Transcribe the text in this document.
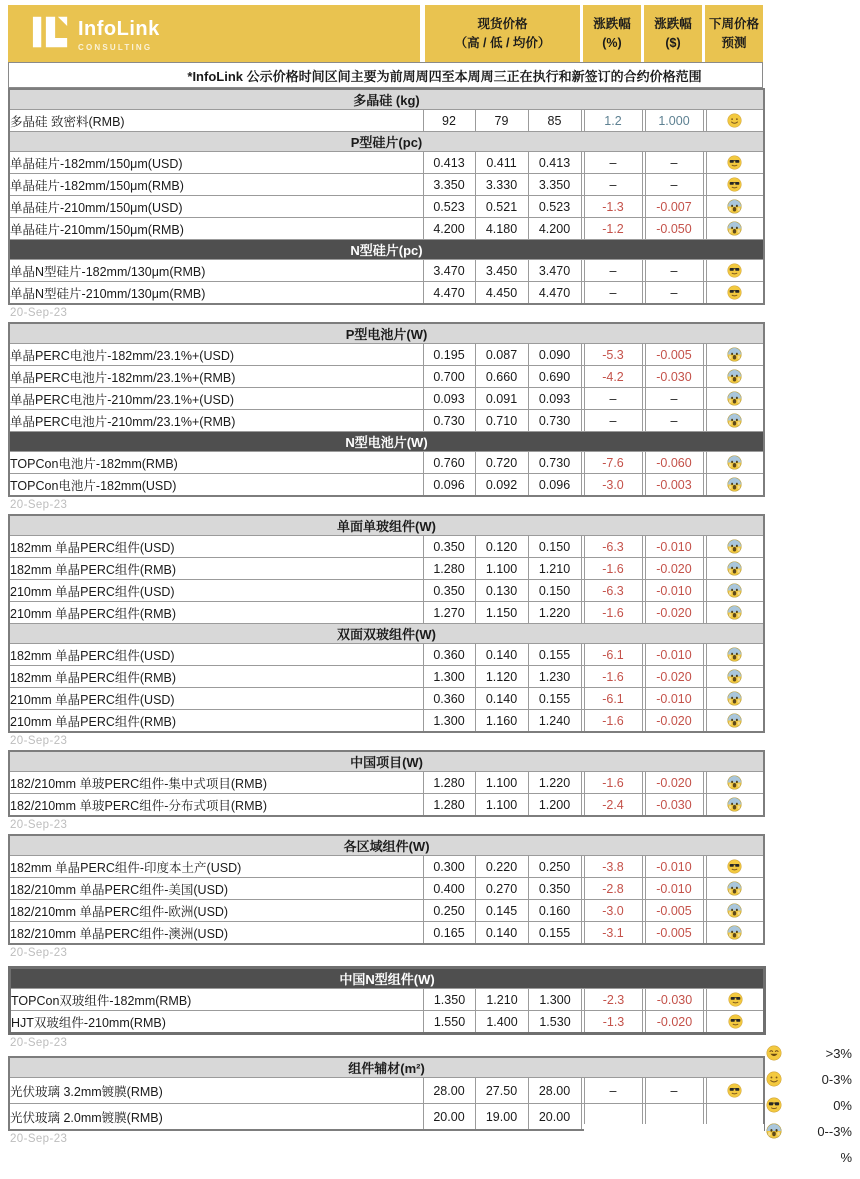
InfoLink
CONSULTING
现货价格
（高 / 低 / 均价）
涨跌幅
(%)
涨跌幅
($)
下周价格
预测
*InfoLink 公示价格时间区间主要为前周周四至本周周三正在执行和新签订的合约价格范围
多晶硅 (kg)									
多晶硅 致密料(RMB)	92	79	85		1.2		1.000		
P型硅片(pc)									
单晶硅片-182mm/150μm(USD)	0.413	0.411	0.413		–		–		
单晶硅片-182mm/150μm(RMB)	3.350	3.330	3.350		–		–		
单晶硅片-210mm/150μm(USD)	0.523	0.521	0.523		-1.3		-0.007		
单晶硅片-210mm/150μm(RMB)	4.200	4.180	4.200		-1.2		-0.050		
N型硅片(pc)									
单晶N型硅片-182mm/130μm(RMB)	3.470	3.450	3.470		–		–		
单晶N型硅片-210mm/130μm(RMB)	4.470	4.450	4.470		–		–		
20-Sep-23
P型电池片(W)									
单晶PERC电池片-182mm/23.1%+(USD)	0.195	0.087	0.090		-5.3		-0.005		
单晶PERC电池片-182mm/23.1%+(RMB)	0.700	0.660	0.690		-4.2		-0.030		
单晶PERC电池片-210mm/23.1%+(USD)	0.093	0.091	0.093		–		–		
单晶PERC电池片-210mm/23.1%+(RMB)	0.730	0.710	0.730		–		–		
N型电池片(W)									
TOPCon电池片-182mm(RMB)	0.760	0.720	0.730		-7.6		-0.060		
TOPCon电池片-182mm(USD)	0.096	0.092	0.096		-3.0		-0.003		
20-Sep-23
单面单玻组件(W)									
182mm 单晶PERC组件(USD)	0.350	0.120	0.150		-6.3		-0.010		
182mm 单晶PERC组件(RMB)	1.280	1.100	1.210		-1.6		-0.020		
210mm 单晶PERC组件(USD)	0.350	0.130	0.150		-6.3		-0.010		
210mm 单晶PERC组件(RMB)	1.270	1.150	1.220		-1.6		-0.020		
双面双玻组件(W)									
182mm 单晶PERC组件(USD)	0.360	0.140	0.155		-6.1		-0.010		
182mm 单晶PERC组件(RMB)	1.300	1.120	1.230		-1.6		-0.020		
210mm 单晶PERC组件(USD)	0.360	0.140	0.155		-6.1		-0.010		
210mm 单晶PERC组件(RMB)	1.300	1.160	1.240		-1.6		-0.020		
20-Sep-23
中国项目(W)									
182/210mm 单玻PERC组件-集中式项目(RMB)	1.280	1.100	1.220		-1.6		-0.020		
182/210mm 单玻PERC组件-分布式项目(RMB)	1.280	1.100	1.200		-2.4		-0.030		
20-Sep-23
各区域组件(W)									
182mm 单晶PERC组件-印度本土产(USD)	0.300	0.220	0.250		-3.8		-0.010		
182/210mm 单晶PERC组件-美国(USD)	0.400	0.270	0.350		-2.8		-0.010		
182/210mm 单晶PERC组件-欧洲(USD)	0.250	0.145	0.160		-3.0		-0.005		
182/210mm 单晶PERC组件-澳洲(USD)	0.165	0.140	0.155		-3.1		-0.005		
20-Sep-23
中国N型组件(W)									
TOPCon双玻组件-182mm(RMB)	1.350	1.210	1.300		-2.3		-0.030		
HJT双玻组件-210mm(RMB)	1.550	1.400	1.530		-1.3		-0.020		
20-Sep-23
组件辅材(m²)									
光伏玻璃 3.2mm镀膜(RMB)	28.00	27.50	28.00		–		–		
光伏玻璃 2.0mm镀膜(RMB)	20.00	19.00	20.00						
20-Sep-23
>3%
0-3%
0%
0--3%
%
